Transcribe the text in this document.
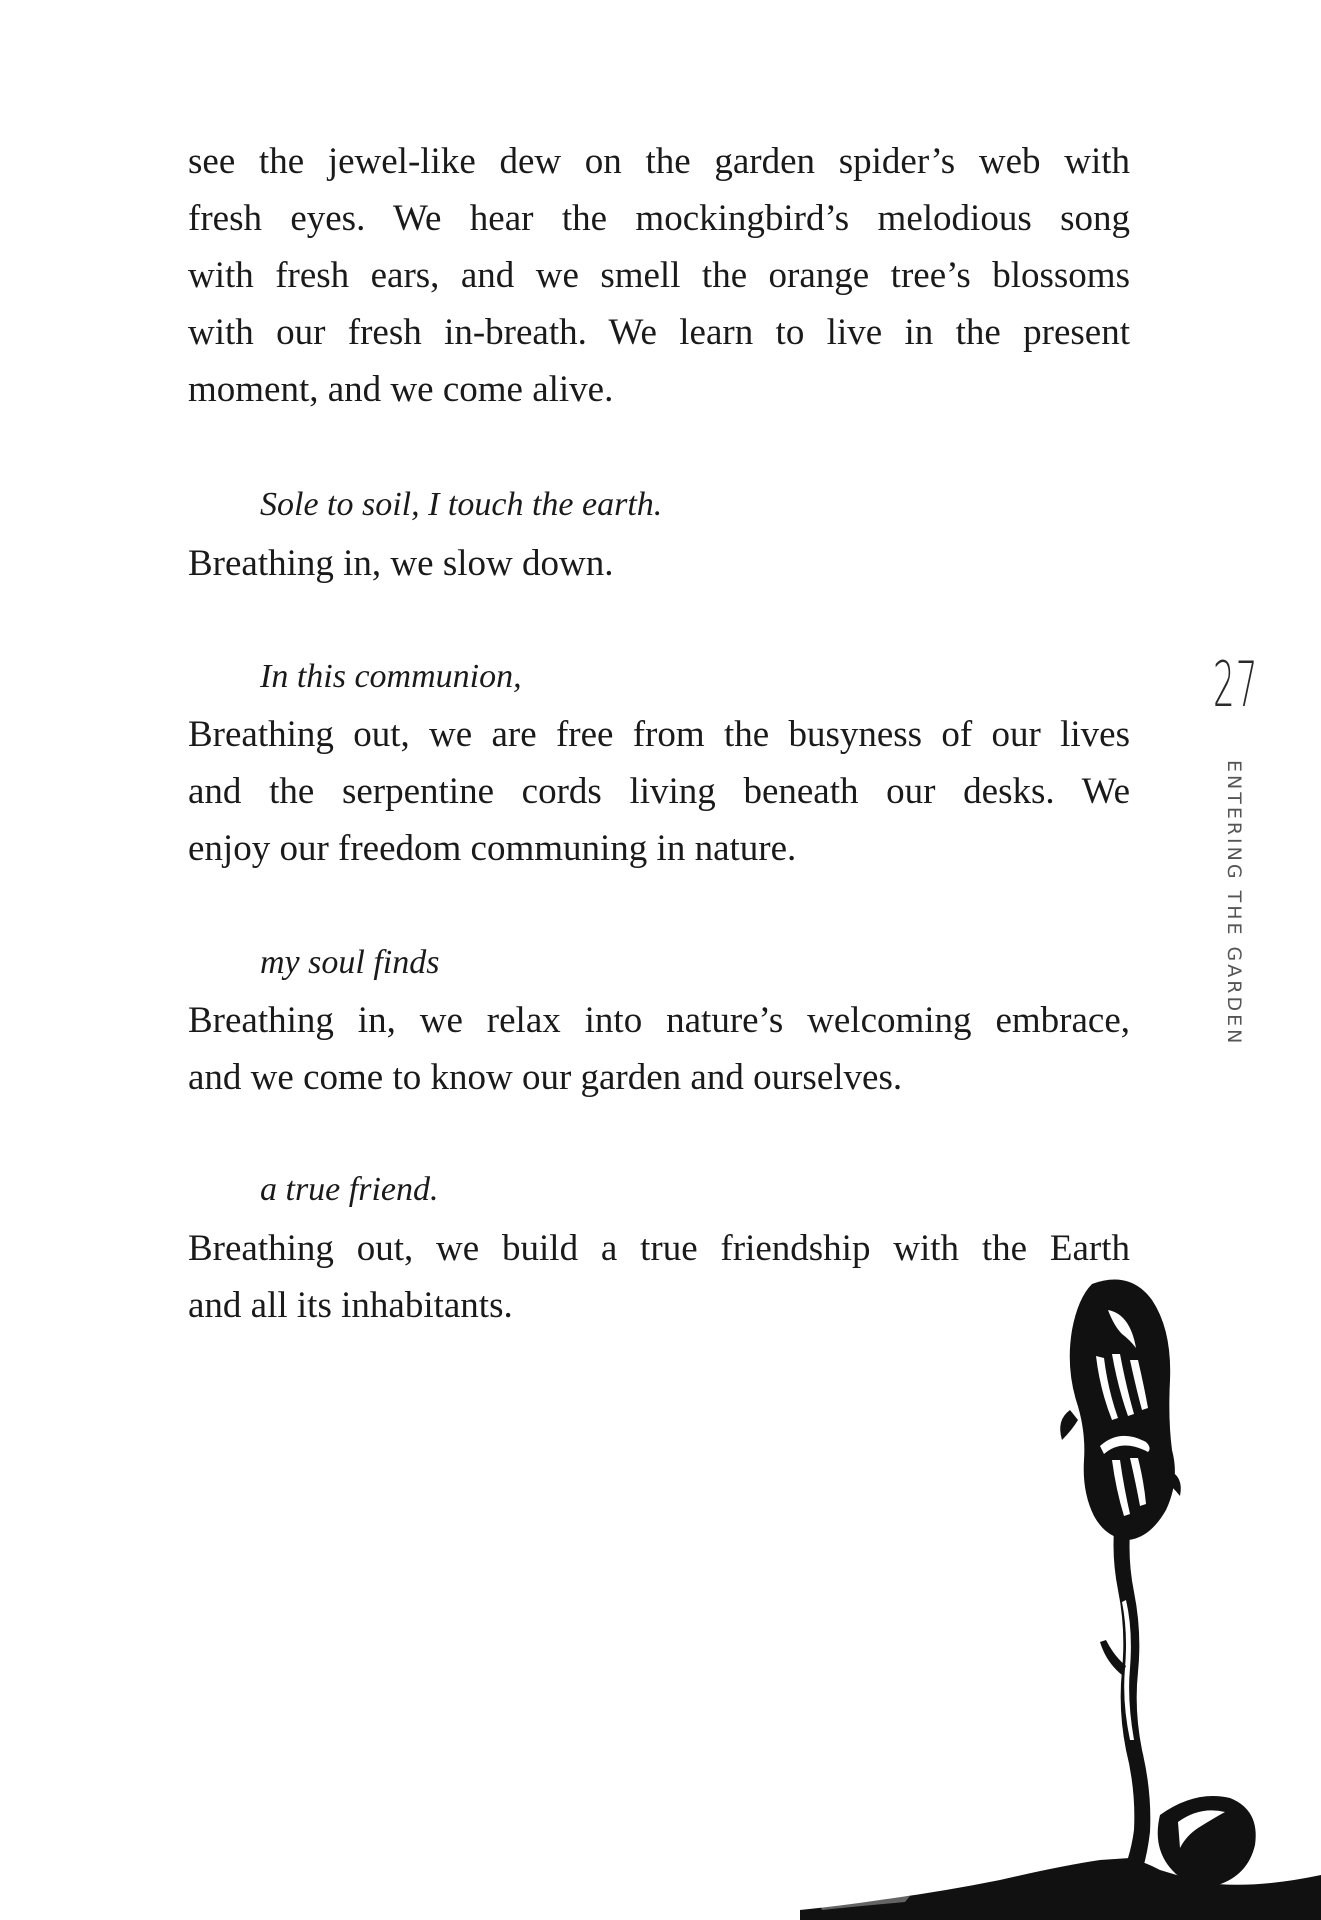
see the jewel-like dew on the garden spider’s web with
fresh eyes. We hear the mockingbird’s melodious song
with fresh ears, and we smell the orange tree’s blossoms
with our fresh in-breath. We learn to live in the present
moment, and we come alive.
Sole to soil, I touch the earth.
Breathing in, we slow down.
In this communion,
Breathing out, we are free from the busyness of our lives
and the serpentine cords living beneath our desks. We
enjoy our freedom communing in nature.
my soul finds
Breathing in, we relax into nature’s welcoming embrace,
and we come to know our garden and ourselves.
a true friend.
Breathing out, we build a true friendship with the Earth
and all its inhabitants.
27
ENTERING THE GARDEN
